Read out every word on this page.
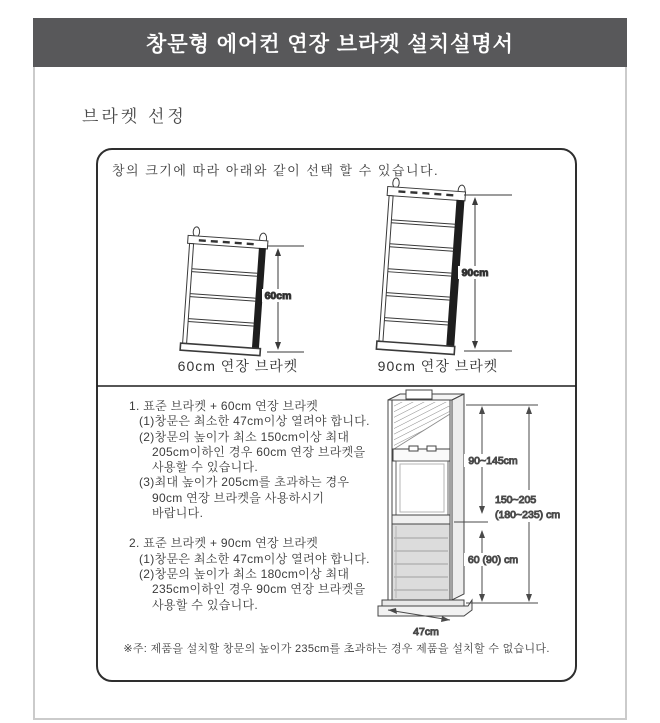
창문형 에어컨 연장 브라켓 설치설명서
브라켓 선정
60cm
90cm
90~145cm
60 (90) cm
150~205
(180~235) cm
47cm
창의 크기에 따라 아래와 같이 선택 할 수 있습니다.
60cm 연장 브라켓	90cm 연장 브라켓
1. 표준 브라켓 + 60cm 연장 브라켓
(1)창문은 최소한 47cm이상 열려야 합니다.
(2)창문의 높이가 최소 150cm이상 최대
205cm이하인 경우 60cm 연장 브라켓을
사용할 수 있습니다.
(3)최대 높이가 205cm를 초과하는 경우
90cm 연장 브라켓을 사용하시기
바랍니다.
2. 표준 브라켓 + 90cm 연장 브라켓
(1)창문은 최소한 47cm이상 열려야 합니다.
(2)창문의 높이가 최소 180cm이상 최대
235cm이하인 경우 90cm 연장 브라켓을
사용할 수 있습니다.
※주: 제품을 설치할 창문의 높이가 235cm를 초과하는 경우 제품을 설치할 수 없습니다.
